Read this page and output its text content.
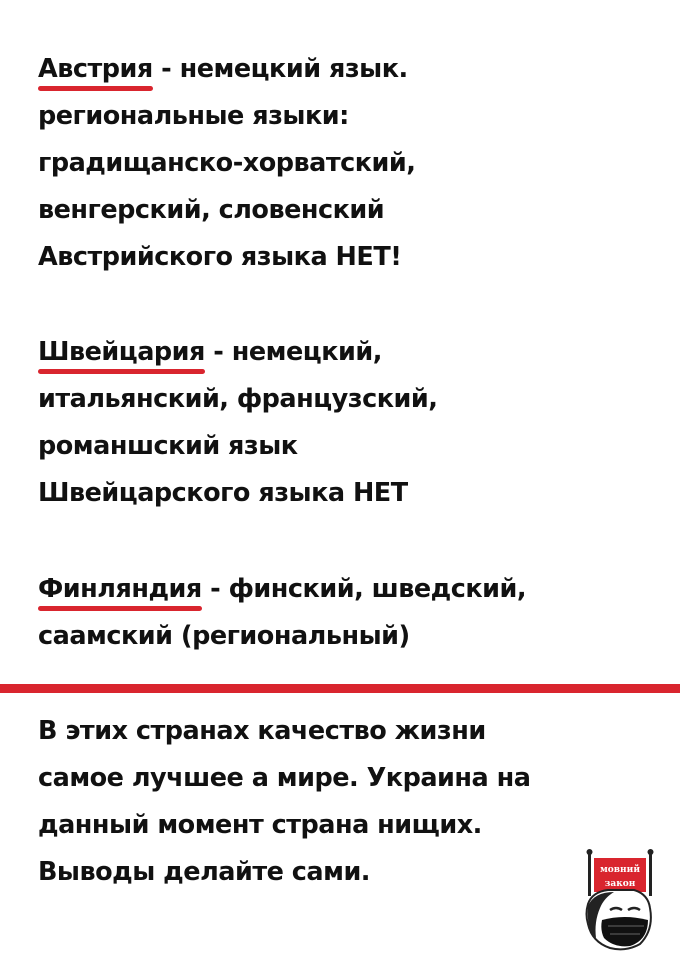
Австрия
- немецкий язык.
региональные языки:
градищанско-хорватский,
венгерский, словенский
Австрийского языка НЕТ!
Швейцария
- немецкий,
итальянский, французский,
романшский язык
Швейцарского языка НЕТ
Финляндия
- финский, шведский,
саамский (региональный)
В этих странах качество жизни
самое лучшее а мире. Украина на
данный момент страна нищих.
Выводы делайте сами.	мовний
закон
